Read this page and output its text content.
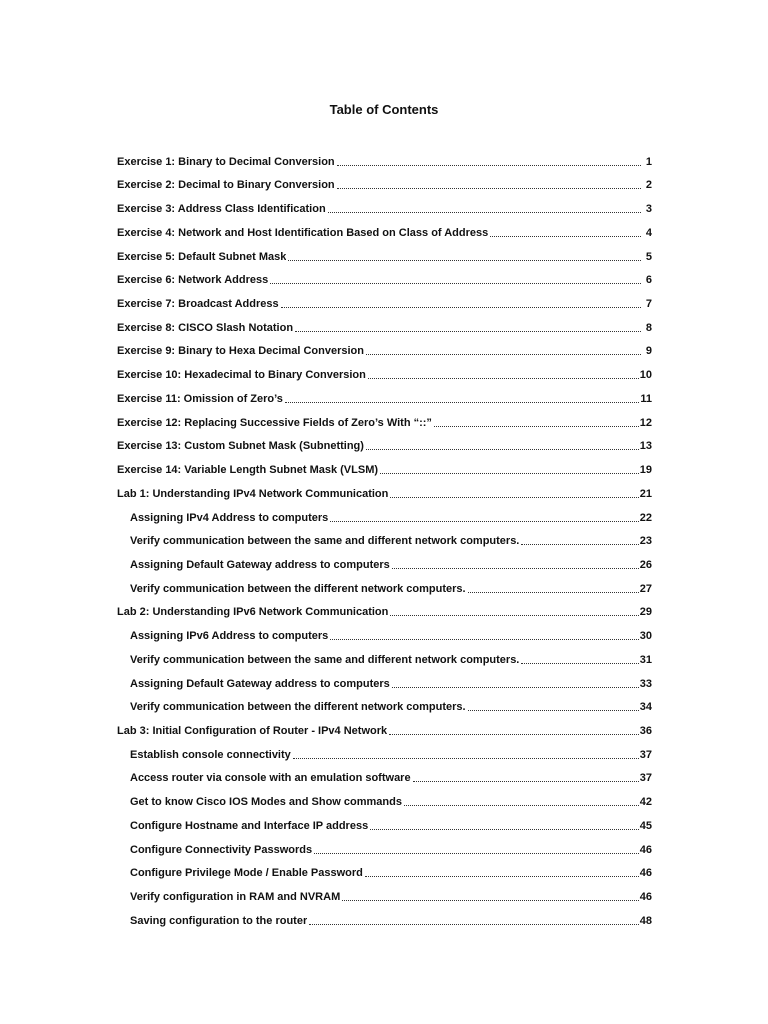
Table of Contents
Exercise 1: Binary to Decimal Conversion	1
Exercise 2: Decimal to Binary Conversion	2
Exercise 3: Address Class Identification	3
Exercise 4: Network and Host Identification Based on Class of Address	4
Exercise 5: Default Subnet Mask	5
Exercise 6: Network Address	6
Exercise 7: Broadcast Address	7
Exercise 8: CISCO Slash Notation	8
Exercise 9: Binary to Hexa Decimal Conversion	9
Exercise 10: Hexadecimal to Binary Conversion	10
Exercise 11: Omission of Zero’s	11
Exercise 12: Replacing Successive Fields of Zero’s With “::”	12
Exercise 13: Custom Subnet Mask (Subnetting)	13
Exercise 14: Variable Length Subnet Mask (VLSM)	19
Lab 1: Understanding IPv4 Network Communication	21
Assigning IPv4 Address to computers	22
Verify communication between the same and different network computers.	23
Assigning Default Gateway address to computers	26
Verify communication between the different network computers.	27
Lab 2: Understanding IPv6 Network Communication	29
Assigning IPv6 Address to computers	30
Verify communication between the same and different network computers.	31
Assigning Default Gateway address to computers	33
Verify communication between the different network computers.	34
Lab 3: Initial Configuration of Router - IPv4 Network	36
Establish console connectivity	37
Access router via console with an emulation software	37
Get to know Cisco IOS Modes and Show commands	42
Configure Hostname and Interface IP address	45
Configure Connectivity Passwords	46
Configure Privilege Mode / Enable Password	46
Verify configuration in RAM and NVRAM	46
Saving configuration to the router	48
